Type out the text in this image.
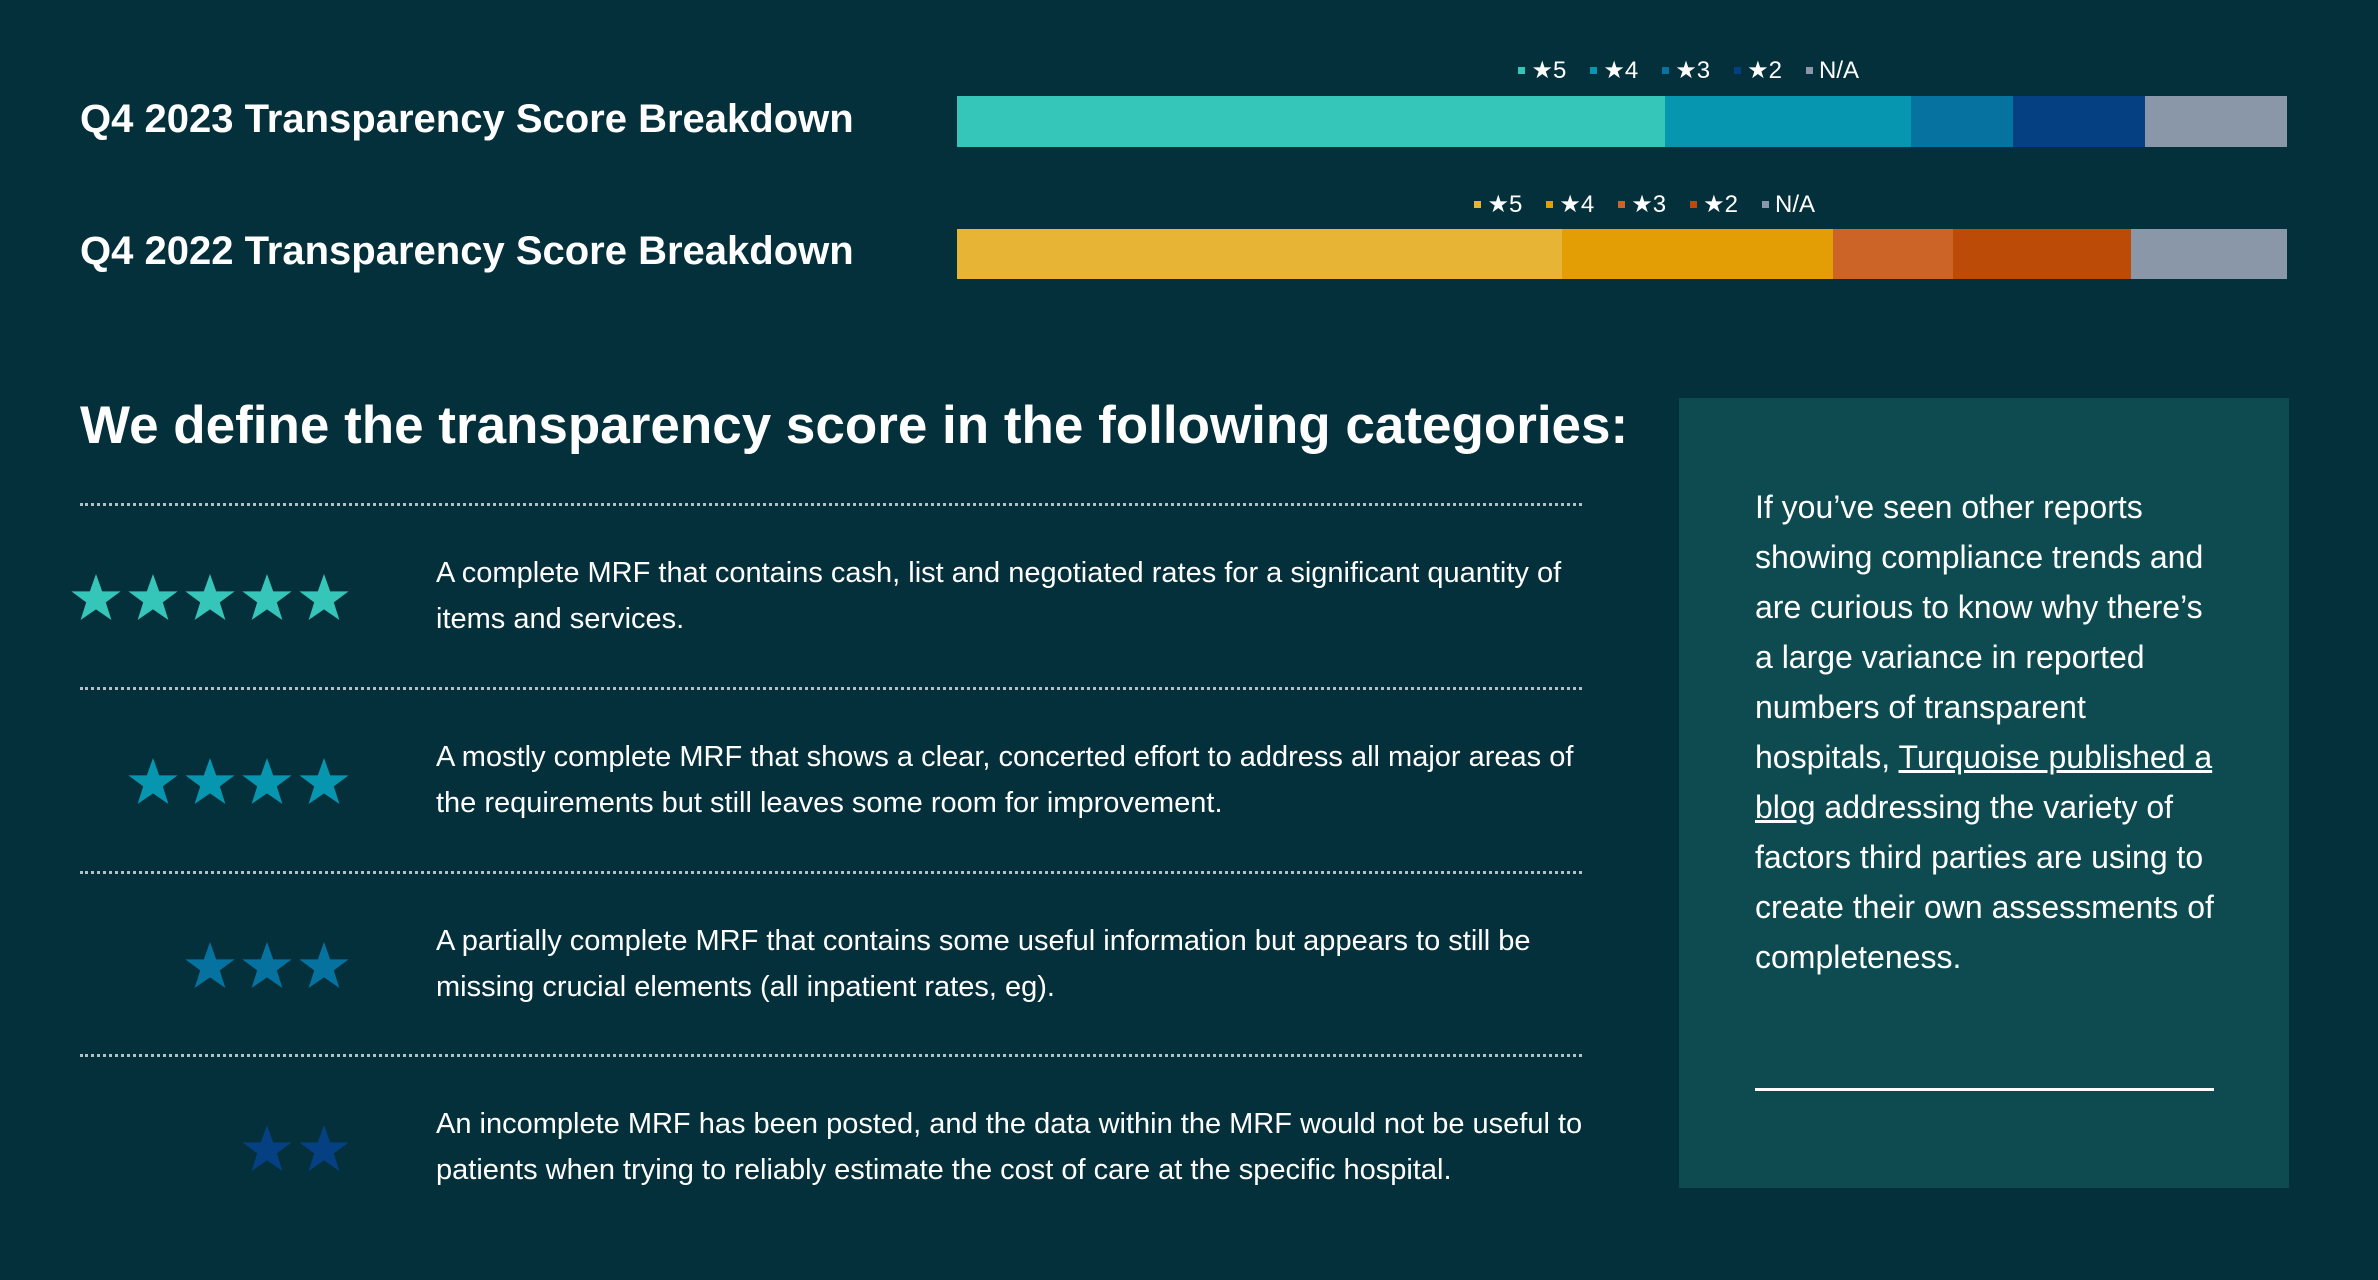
Q4 2023 Transparency Score Breakdown
★5 ★4 ★3 ★2 N/A
Q4 2022 Transparency Score Breakdown
★5 ★4 ★3 ★2 N/A
We define the transparency score in the following categories:
A complete MRF that contains cash, list and negotiated rates for a significant quantity of items and services.
A mostly complete MRF that shows a clear, concerted effort to address all major areas of the requirements but still leaves some room for improvement.
A partially complete MRF that contains some useful information but appears to still be missing crucial elements (all inpatient rates, eg).
An incomplete MRF has been posted, and the data within the MRF would not be useful to patients when trying to reliably estimate the cost of care at the specific hospital.
If you’ve seen other reports showing compliance trends and are curious to know why there’s a large variance in reported numbers of transparent hospitals, Turquoise published a blog addressing the variety of factors third parties are using to create their own assessments of completeness.
